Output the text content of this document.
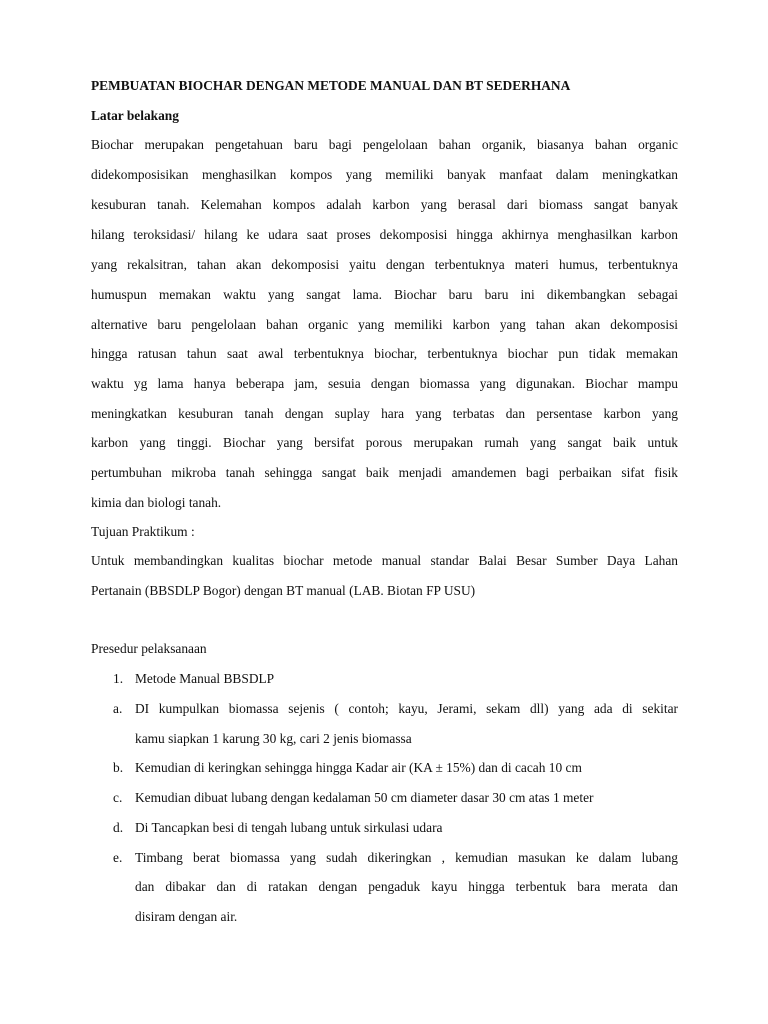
PEMBUATAN BIOCHAR DENGAN METODE MANUAL DAN BT SEDERHANA
Latar belakang
Biochar merupakan pengetahuan baru bagi pengelolaan bahan organik, biasanya bahan organic
didekomposisikan menghasilkan kompos yang memiliki banyak manfaat dalam meningkatkan
kesuburan tanah. Kelemahan kompos adalah karbon yang berasal dari biomass sangat banyak
hilang teroksidasi/ hilang ke udara saat proses dekomposisi hingga akhirnya menghasilkan karbon
yang rekalsitran, tahan akan dekomposisi yaitu dengan terbentuknya materi humus, terbentuknya
humuspun memakan waktu yang sangat lama. Biochar baru baru ini dikembangkan sebagai
alternative baru pengelolaan bahan organic yang memiliki karbon yang tahan akan dekomposisi
hingga ratusan tahun saat awal terbentuknya biochar, terbentuknya biochar pun tidak memakan
waktu yg lama hanya beberapa jam, sesuia dengan biomassa yang digunakan. Biochar mampu
meningkatkan kesuburan tanah dengan suplay hara yang terbatas dan persentase karbon yang
karbon yang tinggi. Biochar yang bersifat porous merupakan rumah yang sangat baik untuk
pertumbuhan mikroba tanah sehingga sangat baik menjadi amandemen bagi perbaikan sifat fisik
kimia dan biologi tanah.
Tujuan Praktikum :
Untuk membandingkan kualitas biochar metode manual standar Balai Besar Sumber Daya Lahan
Pertanain (BBSDLP Bogor) dengan BT manual (LAB. Biotan FP USU)
Presedur pelaksanaan
1. Metode Manual BBSDLP
a. DI kumpulkan biomassa sejenis ( contoh; kayu, Jerami, sekam dll) yang ada di sekitar
kamu siapkan 1 karung 30 kg, cari 2 jenis biomassa
b. Kemudian di keringkan sehingga hingga Kadar air (KA ± 15%) dan di cacah 10 cm
c. Kemudian dibuat lubang dengan kedalaman 50 cm diameter dasar 30 cm atas 1 meter
d. Di Tancapkan besi di tengah lubang untuk sirkulasi udara
e. Timbang berat biomassa yang sudah dikeringkan , kemudian masukan ke dalam lubang
dan dibakar dan di ratakan dengan pengaduk kayu hingga terbentuk bara merata dan
disiram dengan air.
